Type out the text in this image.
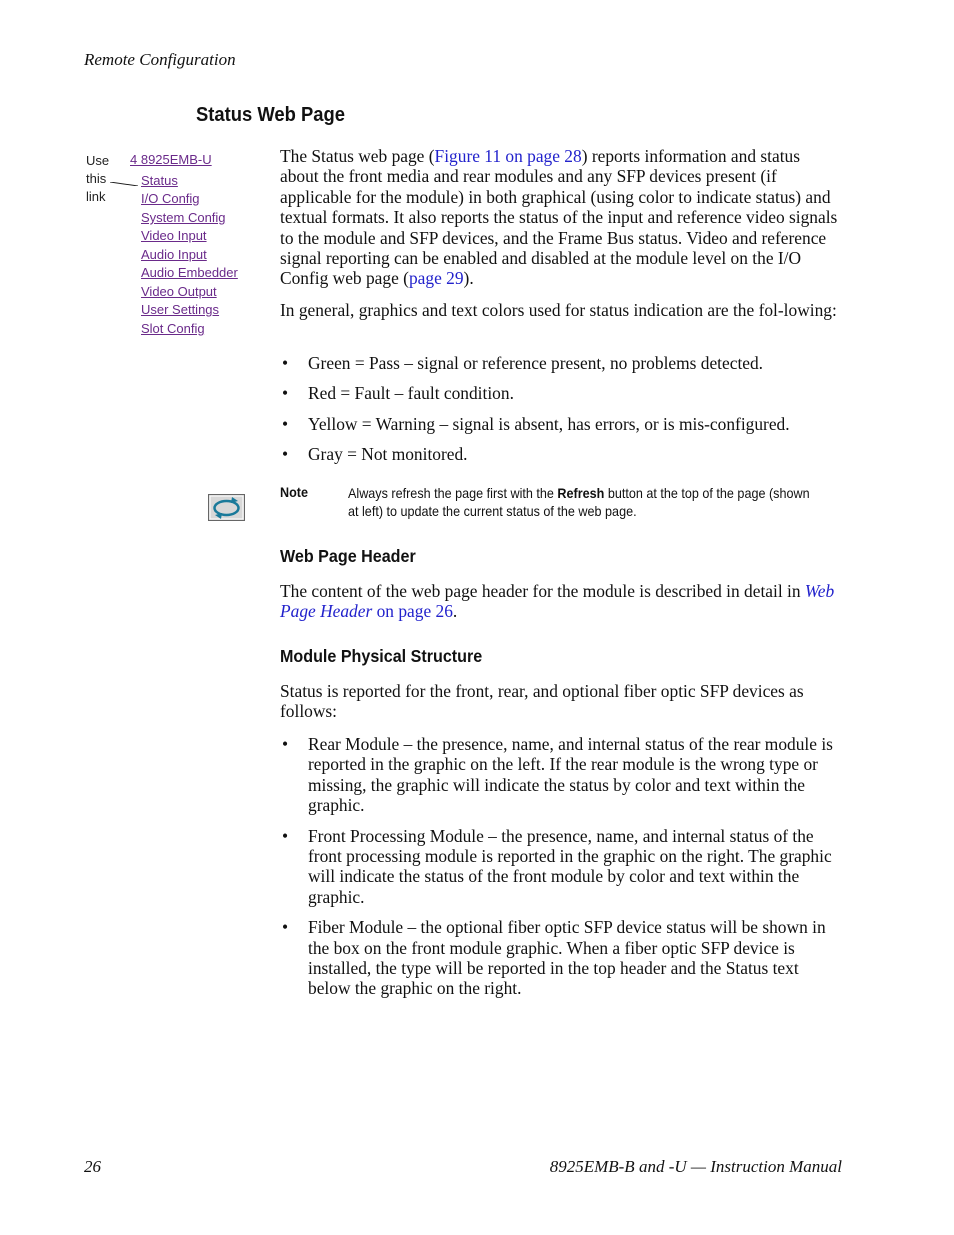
Remote Configuration
Status Web Page
Use
this
link
4 8925EMB-U
Status
I/O Config
System Config
Video Input
Audio Input
Audio Embedder
Video Output
User Settings
Slot Config

The Status web page (Figure 11 on page 28) reports information and status about the front media and rear modules and any SFP devices present (if applicable for the module) in both graphical (using color to indicate status) and textual formats. It also reports the status of the input and reference video signals to the module and SFP devices, and the Frame Bus status. Video and reference signal reporting can be enabled and disabled at the module level on the I/O Config web page (page 29).

In general, graphics and text colors used for status indication are the fol-lowing:

• Green = Pass – signal or reference present, no problems detected.
• Red = Fault – fault condition.
• Yellow = Warning – signal is absent, has errors, or is mis-configured.
• Gray = Not monitored.
Note	Always refresh the page first with the Refresh button at the top of the page (shown at left) to update the current status of the web page.
Web Page Header

The content of the web page header for the module is described in detail in Web Page Header on page 26.

Module Physical Structure

Status is reported for the front, rear, and optional fiber optic SFP devices as follows:

• Rear Module – the presence, name, and internal status of the rear module is reported in the graphic on the left. If the rear module is the wrong type or missing, the graphic will indicate the status by color and text within the graphic.
• Front Processing Module – the presence, name, and internal status of the front processing module is reported in the graphic on the right. The graphic will indicate the status of the front module by color and text within the graphic.
• Fiber Module – the optional fiber optic SFP device status will be shown in the box on the front module graphic. When a fiber optic SFP device is installed, the type will be reported in the top header and the Status text below the graphic on the right.
26	8925EMB-B and -U — Instruction Manual
